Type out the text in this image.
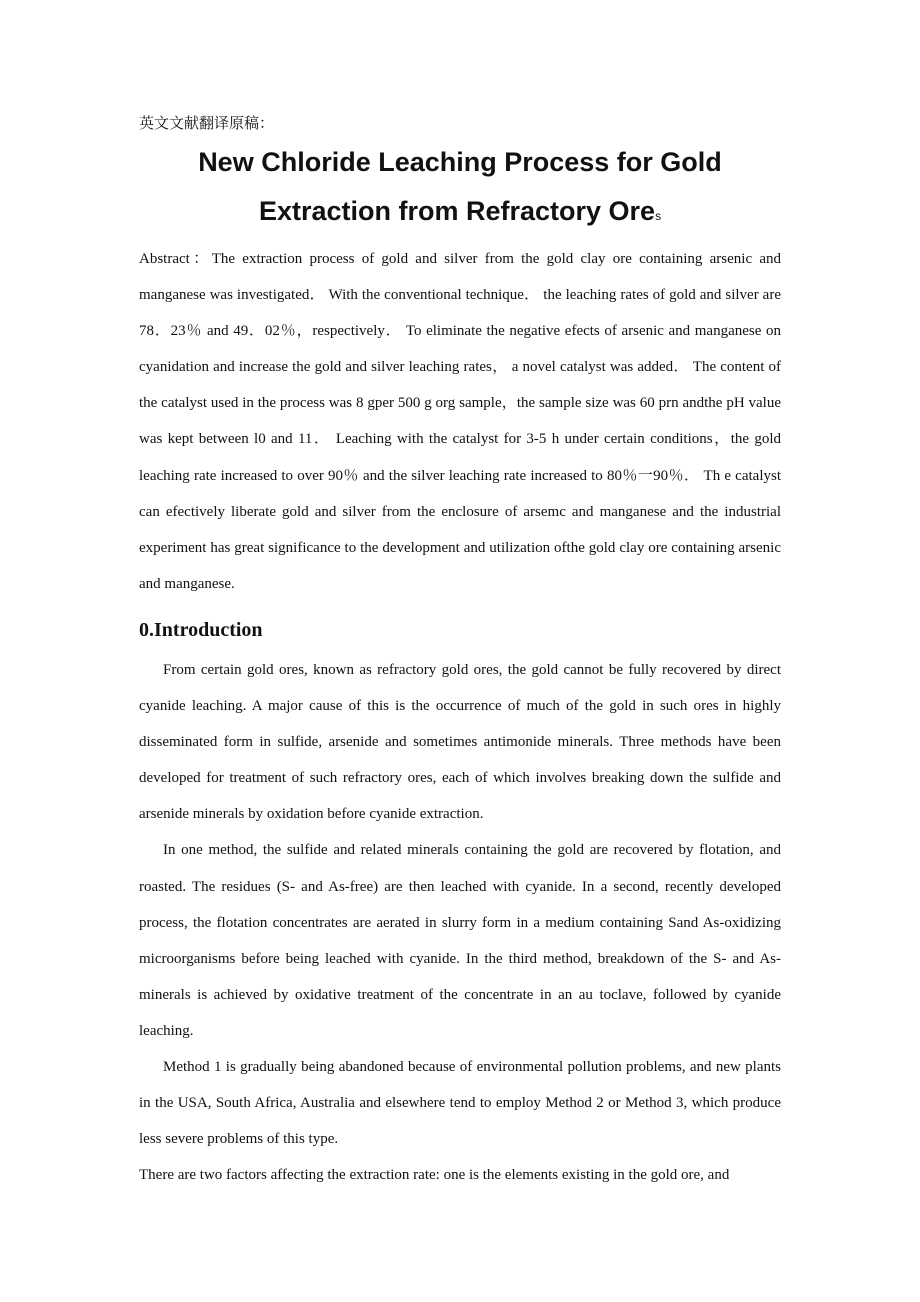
英文文献翻译原稿：

New Chloride Leaching Process for Gold
Extraction from Refractory Ores

Abstract：The extraction process of gold and silver from the gold clay ore containing arsenic and manganese was investigated． With the conventional technique． the leaching rates of gold and silver are 78．23％ and 49．02％，respectively． To eliminate the negative efects of arsenic and manganese on cyanidation and increase the gold and silver leaching rates， a novel catalyst was added． The content of the catalyst used in the process was 8 gper 500 g org sample，the sample size was 60 prn andthe pH value was kept between l0 and 11． Leaching with the catalyst for 3-5 h under certain conditions，the gold leaching rate increased to over 90％ and the silver leaching rate increased to 80％一90％． Th e catalyst can efectively liberate gold and silver from the enclosure of arsemc and manganese and the industrial experiment has great significance to the development and utilization ofthe gold clay ore containing arsenic and manganese.

0.Introduction

From certain gold ores, known as refractory gold ores, the gold cannot be fully recovered by direct cyanide leaching. A major cause of this is the occurrence of much of the gold in such ores in highly disseminated form in sulfide, arsenide and sometimes antimonide minerals. Three methods have been developed for treatment of such refractory ores, each of which involves breaking down the sulfide and arsenide minerals by oxidation before cyanide extraction.

In one method, the sulfide and related minerals containing the gold are recovered by flotation, and roasted. The residues (S- and As-free) are then leached with cyanide. In a second, recently developed process, the flotation concentrates are aerated in slurry form in a medium containing Sand As-oxidizing microorganisms before being leached with cyanide. In the third method, breakdown of the S- and As-minerals is achieved by oxidative treatment of the concentrate in an au toclave, followed by cyanide leaching.

Method 1 is gradually being abandoned because of environmental pollution problems, and new plants in the USA, South Africa, Australia and elsewhere tend to employ Method 2 or Method 3, which produce less severe problems of this type.

There are two factors affecting the extraction rate: one is the elements existing in the gold ore, and
